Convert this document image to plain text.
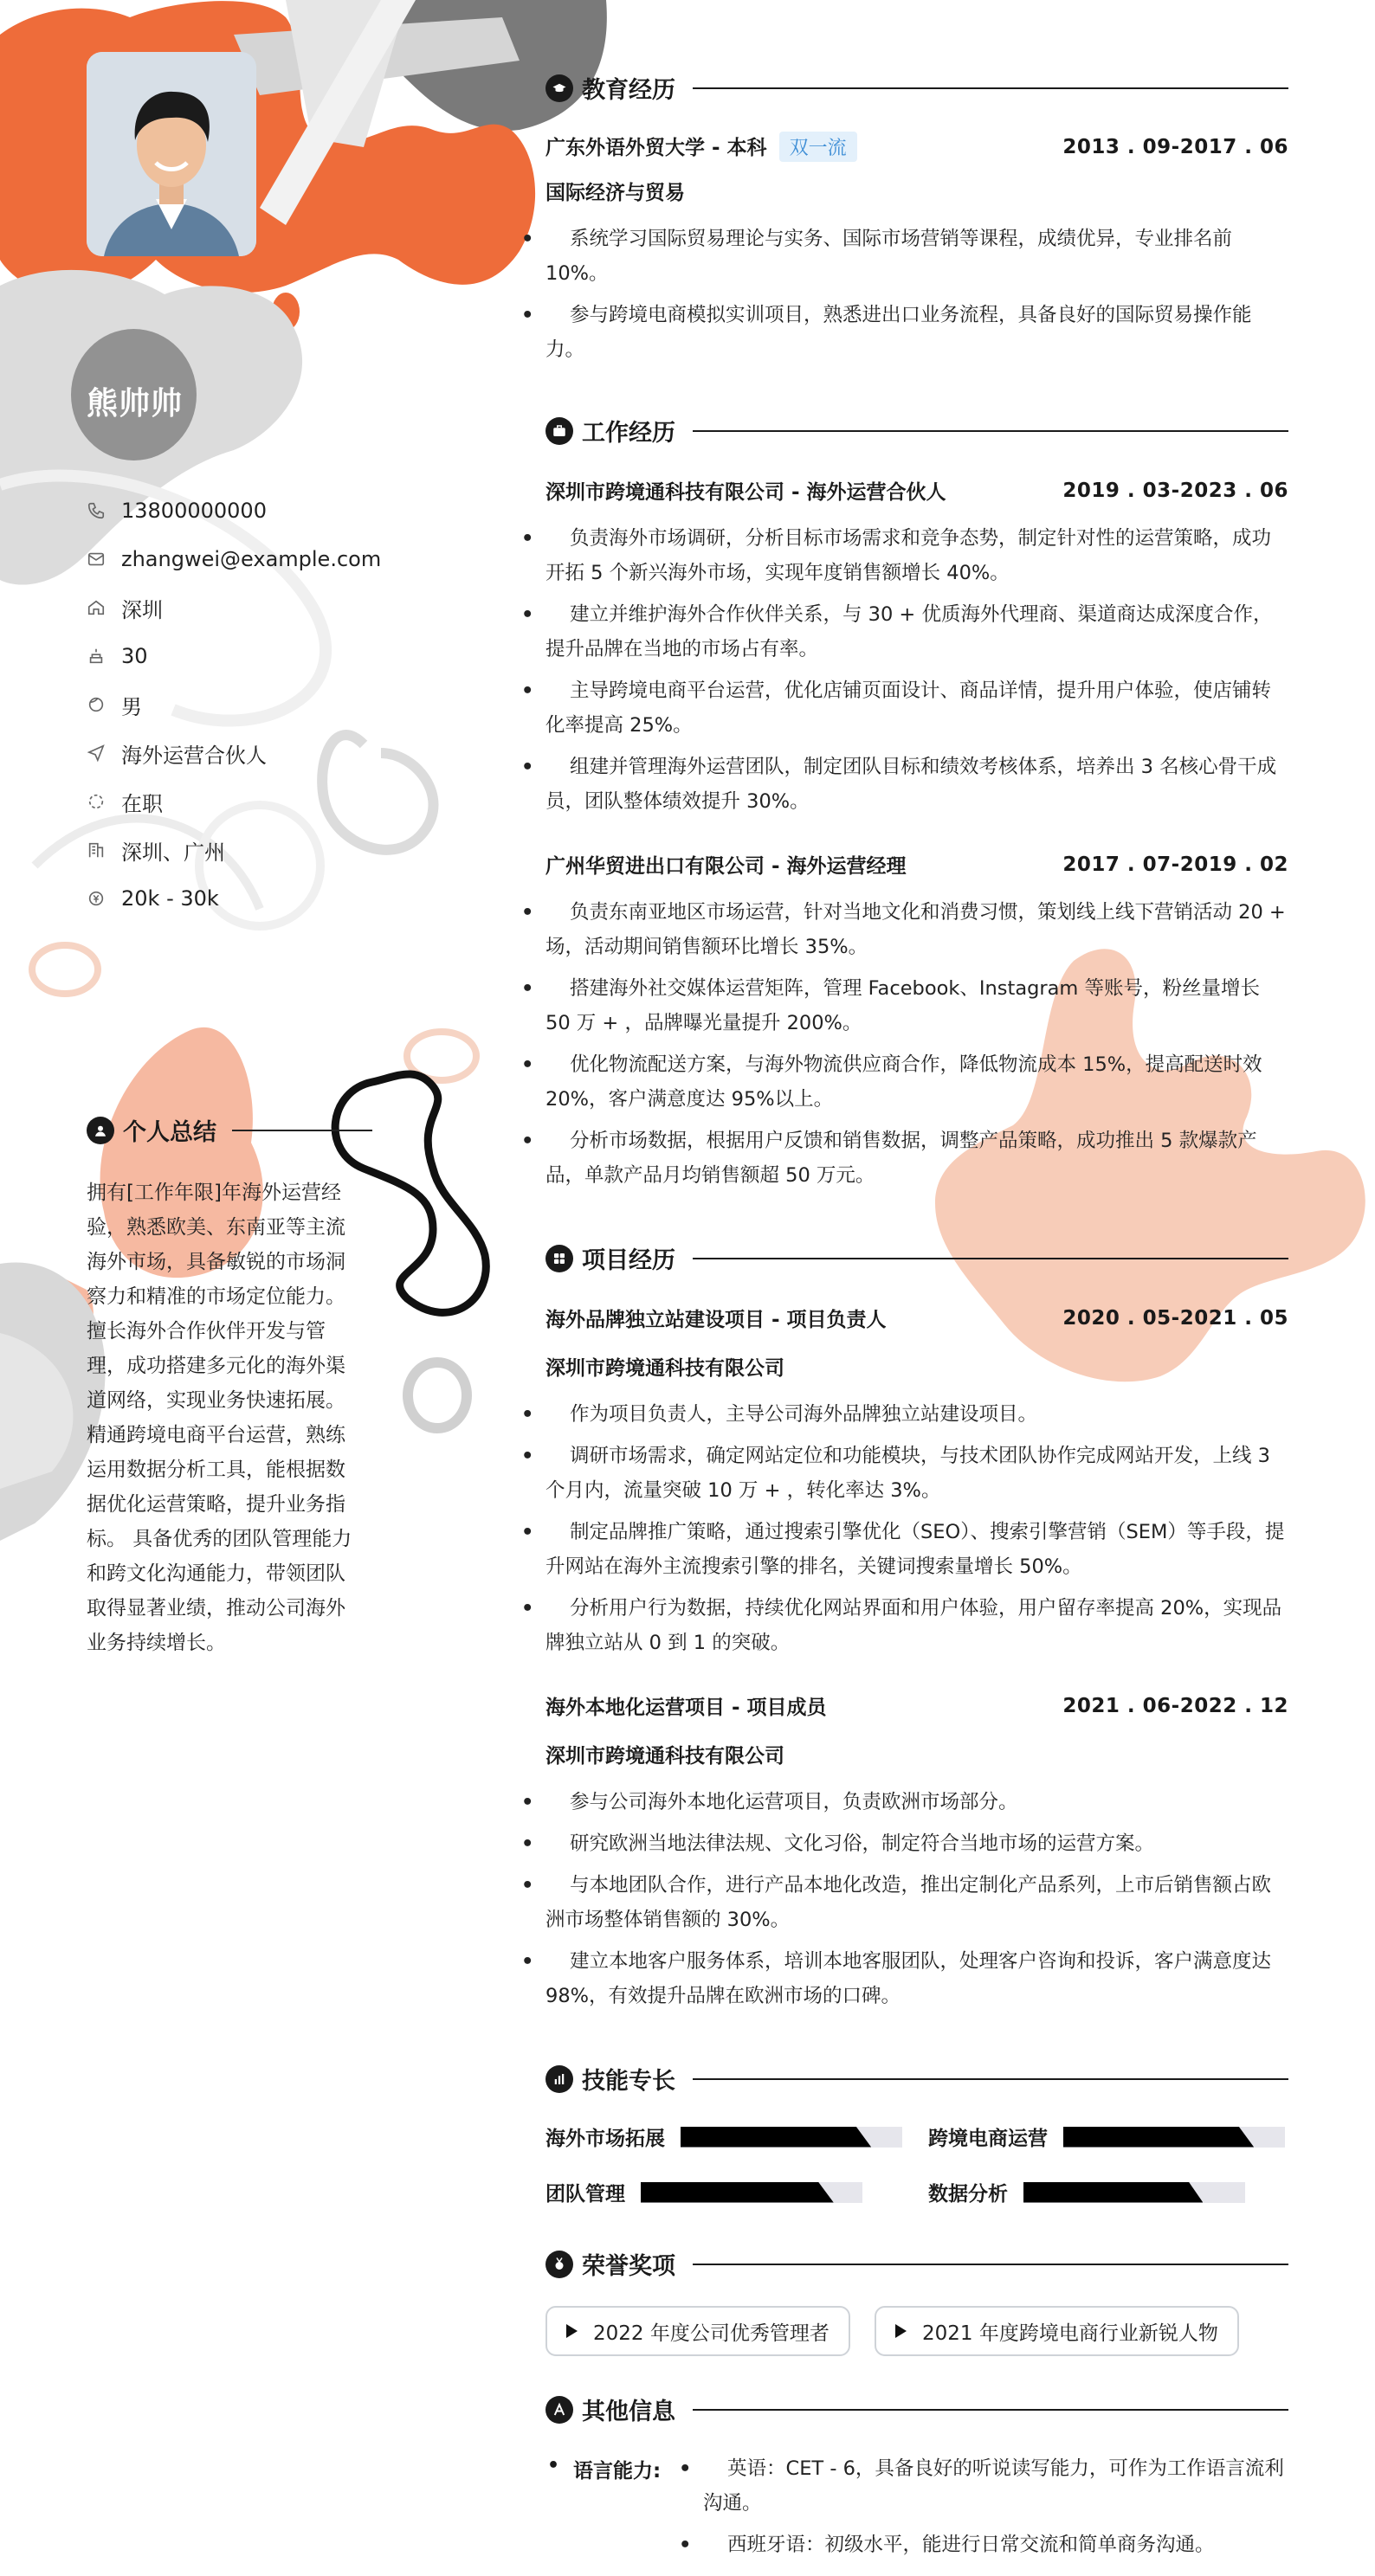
熊帅帅
13800000000
zhangwei@example.com
深圳
30
男
海外运营合伙人
在职
深圳、广州
20k - 30k
个人总结
拥有[工作年限]年海外运营经验，熟悉欧美、东南亚等主流海外市场，具备敏锐的市场洞察力和精准的市场定位能力。擅长海外合作伙伴开发与管理，成功搭建多元化的海外渠道网络，实现业务快速拓展。精通跨境电商平台运营，熟练运用数据分析工具，能根据数据优化运营策略，提升业务指标。 具备优秀的团队管理能力和跨文化沟通能力，带领团队取得显著业绩，推动公司海外业务持续增长。
教育经历
广东外语外贸大学 - 本科 双一流	2013 . 09-2017 . 06
国际经济与贸易
• 系统学习国际贸易理论与实务、国际市场营销等课程，成绩优异，专业排名前 10%。
• 参与跨境电商模拟实训项目，熟悉进出口业务流程，具备良好的国际贸易操作能力。
工作经历
深圳市跨境通科技有限公司 - 海外运营合伙人	2019 . 03-2023 . 06
• 负责海外市场调研，分析目标市场需求和竞争态势，制定针对性的运营策略，成功开拓 5 个新兴海外市场，实现年度销售额增长 40%。
• 建立并维护海外合作伙伴关系，与 30 + 优质海外代理商、渠道商达成深度合作，提升品牌在当地的市场占有率。
• 主导跨境电商平台运营，优化店铺页面设计、商品详情，提升用户体验，使店铺转化率提高 25%。
• 组建并管理海外运营团队，制定团队目标和绩效考核体系，培养出 3 名核心骨干成员，团队整体绩效提升 30%。
广州华贸进出口有限公司 - 海外运营经理	2017 . 07-2019 . 02
• 负责东南亚地区市场运营，针对当地文化和消费习惯，策划线上线下营销活动 20 + 场，活动期间销售额环比增长 35%。
• 搭建海外社交媒体运营矩阵，管理 Facebook、Instagram 等账号，粉丝量增长 50 万 + ，品牌曝光量提升 200%。
• 优化物流配送方案，与海外物流供应商合作，降低物流成本 15%，提高配送时效 20%，客户满意度达 95%以上。
• 分析市场数据，根据用户反馈和销售数据，调整产品策略，成功推出 5 款爆款产品，单款产品月均销售额超 50 万元。
项目经历
海外品牌独立站建设项目 - 项目负责人	2020 . 05-2021 . 05
深圳市跨境通科技有限公司
• 作为项目负责人，主导公司海外品牌独立站建设项目。
• 调研市场需求，确定网站定位和功能模块，与技术团队协作完成网站开发，上线 3 个月内，流量突破 10 万 + ，转化率达 3%。
• 制定品牌推广策略，通过搜索引擎优化（SEO）、搜索引擎营销（SEM）等手段，提升网站在海外主流搜索引擎的排名，关键词搜索量增长 50%。
• 分析用户行为数据，持续优化网站界面和用户体验，用户留存率提高 20%，实现品牌独立站从 0 到 1 的突破。
海外本地化运营项目 - 项目成员	2021 . 06-2022 . 12
深圳市跨境通科技有限公司
• 参与公司海外本地化运营项目，负责欧洲市场部分。
• 研究欧洲当地法律法规、文化习俗，制定符合当地市场的运营方案。
• 与本地团队合作，进行产品本地化改造，推出定制化产品系列，上市后销售额占欧洲市场整体销售额的 30%。
• 建立本地客户服务体系，培训本地客服团队，处理客户咨询和投诉，客户满意度达 98%，有效提升品牌在欧洲市场的口碑。
技能专长
海外市场拓展	跨境电商运营
团队管理	数据分析
荣誉奖项
2022 年度公司优秀管理者	2021 年度跨境电商行业新锐人物
其他信息
• 语言能力:
•	英语：CET - 6，具备良好的听说读写能力，可作为工作语言流利沟通。
• 西班牙语：初级水平，能进行日常交流和简单商务沟通。
